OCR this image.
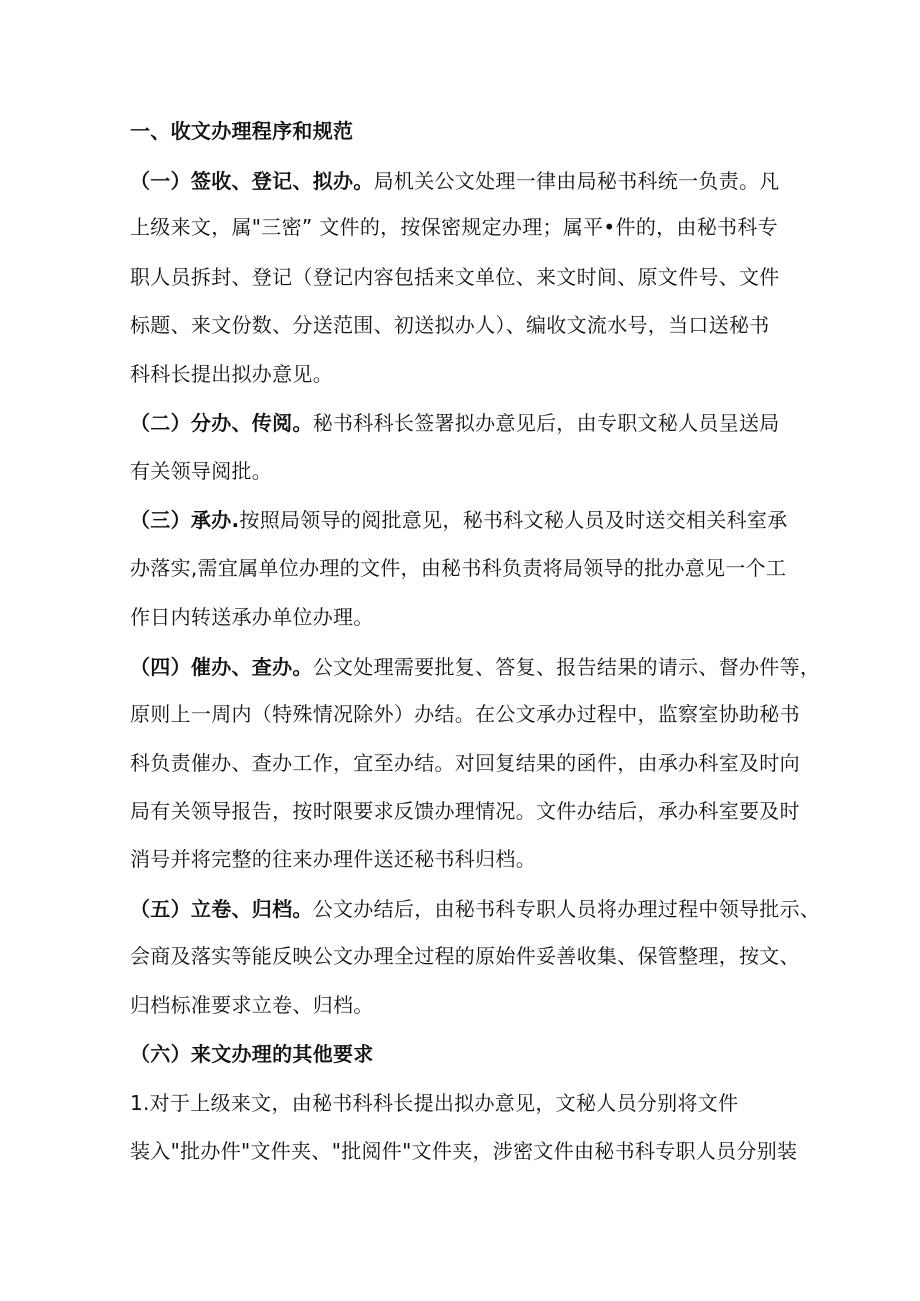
一、收文办理程序和规范
（一）签收、登记、拟办。局机关公文处理一律由局秘书科统一负责。凡
上级来文，属"三密” 文件的，按保密规定办理；属平•件的，由秘书科专
职人员拆封、登记（登记内容包括来文单位、来文时间、原文件号、文件
标题、来文份数、分送范围、初送拟办人）、编收文流水号，当口送秘书
科科长提出拟办意见。
（二）分办、传阅。秘书科科长签署拟办意见后，由专职文秘人员呈送局
有关领导阅批。
（三）承办.按照局领导的阅批意见，秘书科文秘人员及时送交相关科室承
办落实,需宜属单位办理的文件，由秘书科负责将局领导的批办意见一个工
作日内转送承办单位办理。
（四）催办、查办。公文处理需要批复、答复、报告结果的请示、督办件等，
原则上一周内（特殊情况除外）办结。在公文承办过程中，监察室协助秘书
科负责催办、查办工作，宜至办结。对回复结果的函件，由承办科室及时向
局有关领导报告，按时限要求反馈办理情况。文件办结后，承办科室要及时
消号并将完整的往来办理件送还秘书科归档。
（五）立卷、归档。公文办结后，由秘书科专职人员将办理过程中领导批示、
会商及落实等能反映公文办理全过程的原始件妥善收集、保管整理，按文、
归档标准要求立卷、归档。
（六）来文办理的其他要求
1.对于上级来文，由秘书科科长提出拟办意见，文秘人员分别将文件
装入"批办件"文件夹、"批阅件"文件夹，涉密文件由秘书科专职人员分别装
